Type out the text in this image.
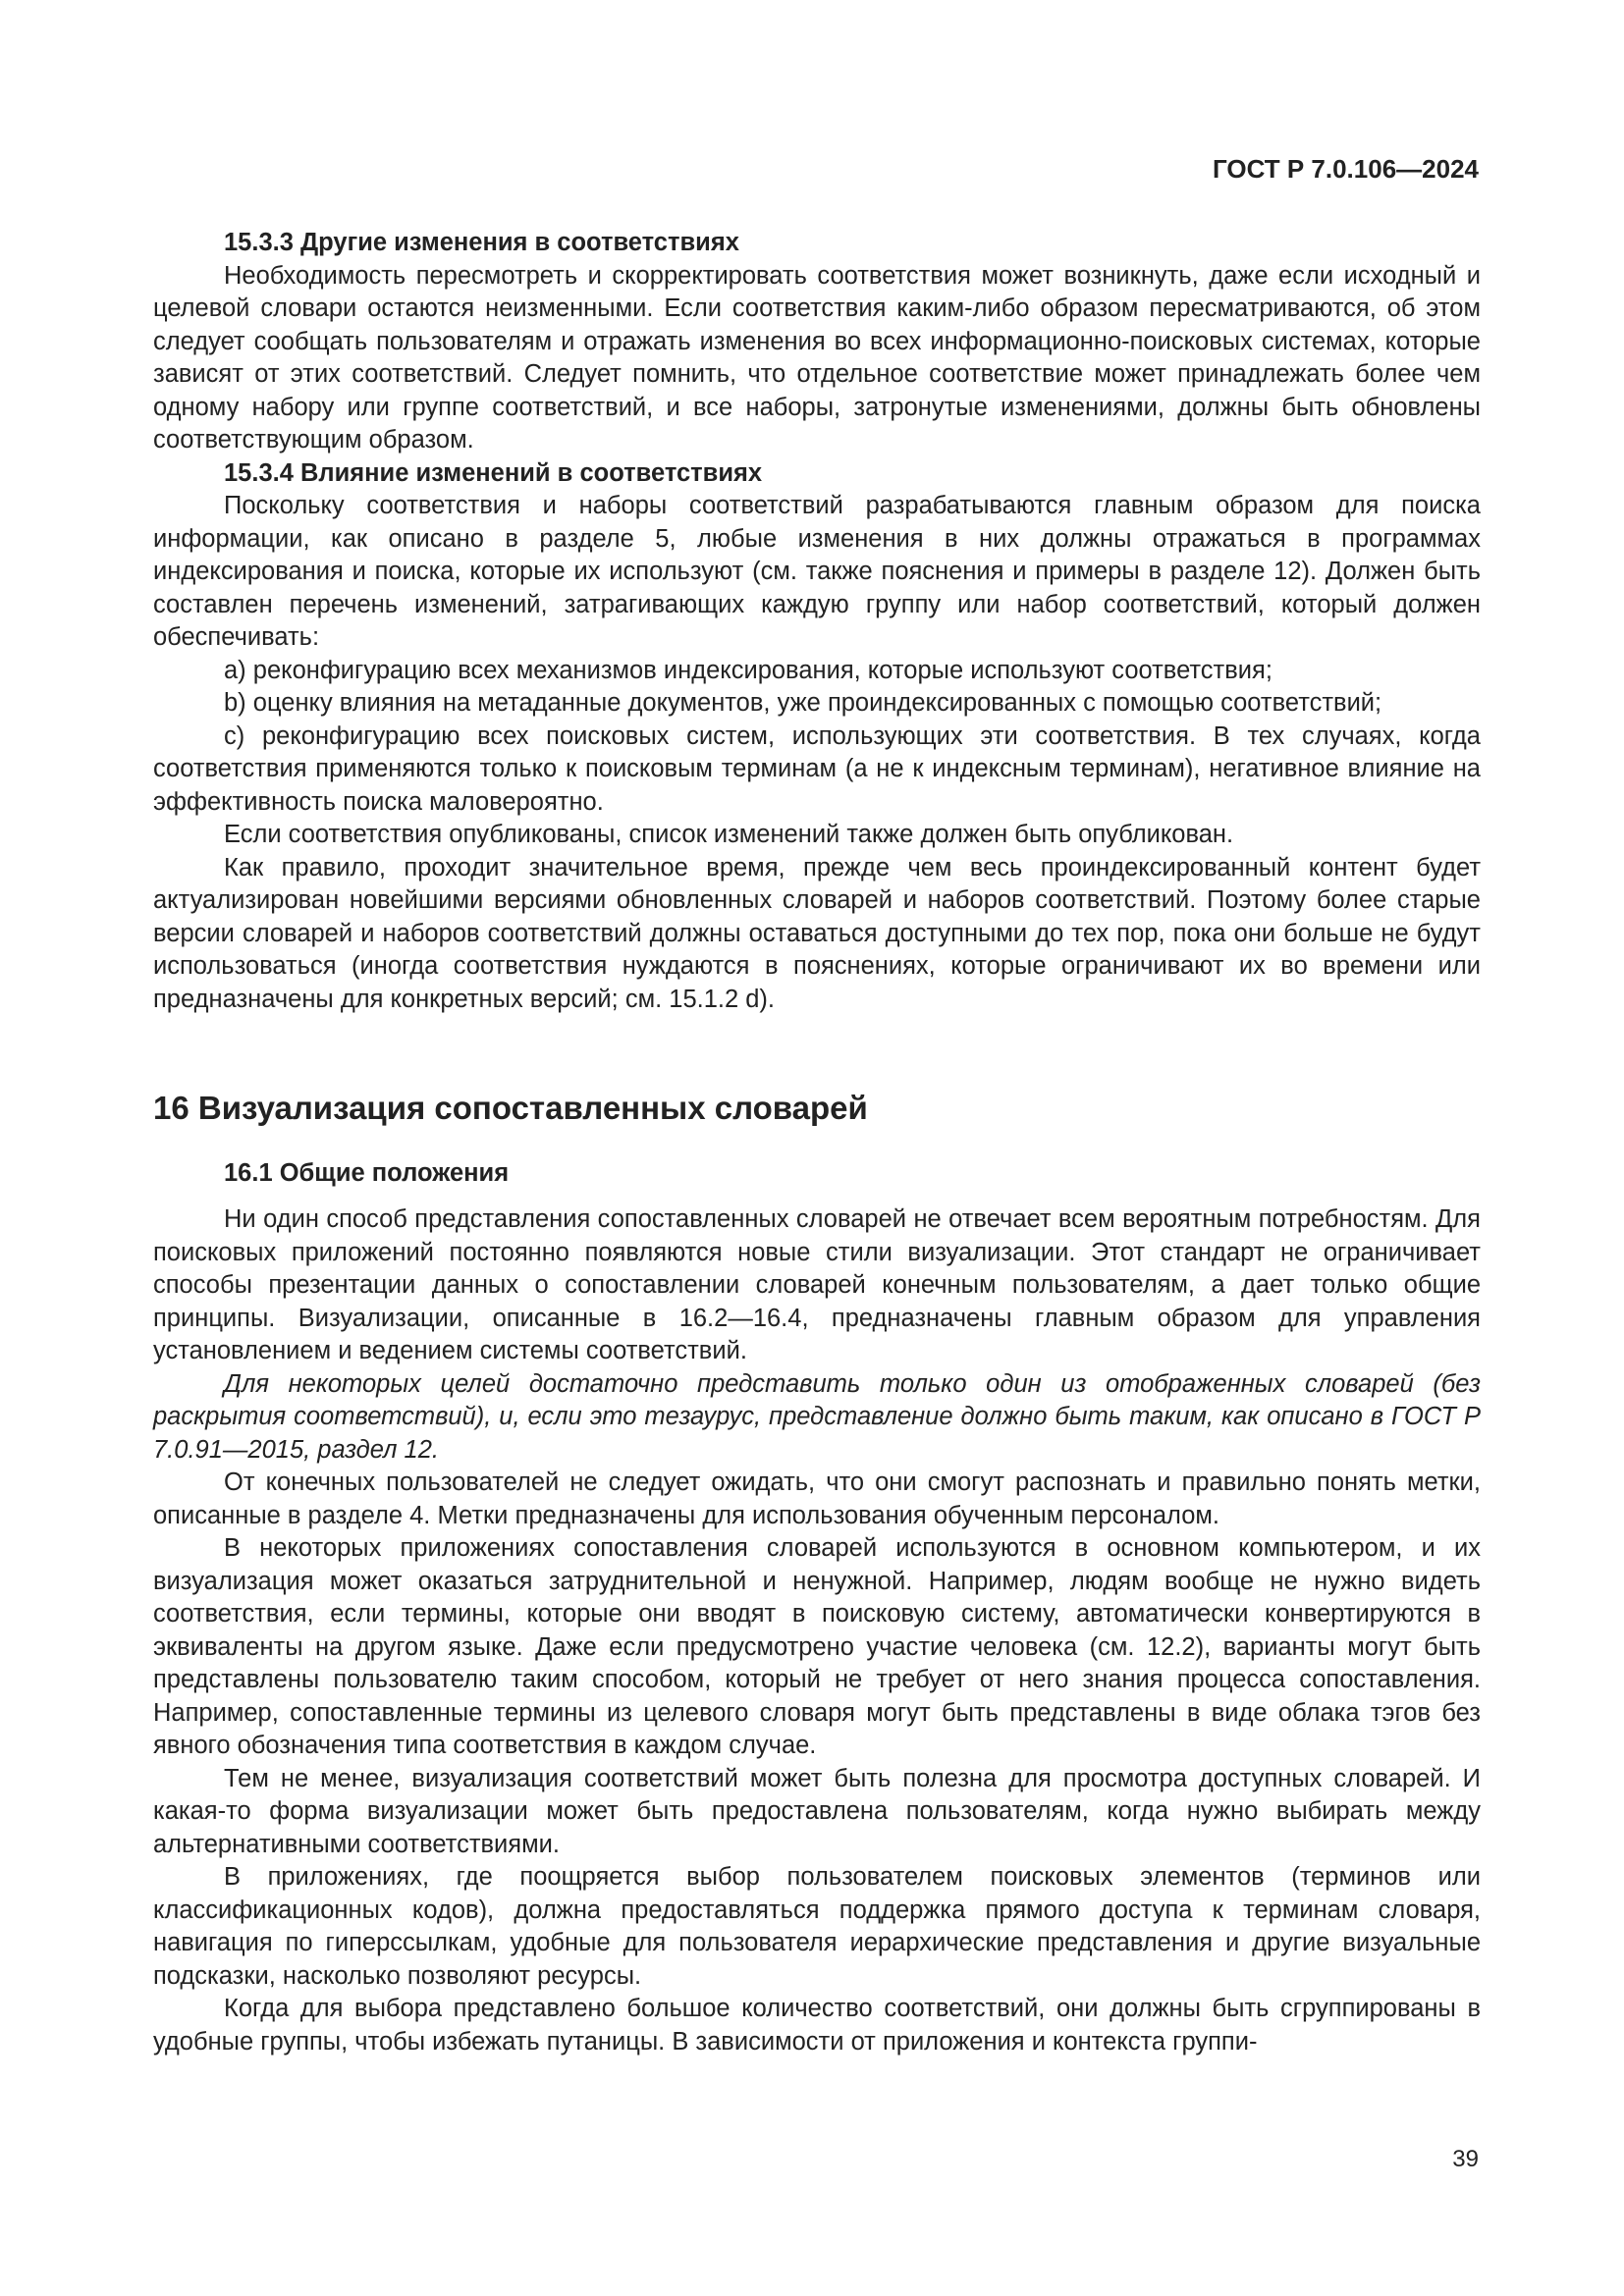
ГОСТ Р 7.0.106—2024

15.3.3 Другие изменения в соответствиях

Необходимость пересмотреть и скорректировать соответствия может возникнуть, даже если исходный и целевой словари остаются неизменными. Если соответствия каким-либо образом пересматриваются, об этом следует сообщать пользователям и отражать изменения во всех информационно-поисковых системах, которые зависят от этих соответствий. Следует помнить, что отдельное соответствие может принадлежать более чем одному набору или группе соответствий, и все наборы, затронутые изменениями, должны быть обновлены соответствующим образом.

15.3.4 Влияние изменений в соответствиях

Поскольку соответствия и наборы соответствий разрабатываются главным образом для поиска информации, как описано в разделе 5, любые изменения в них должны отражаться в программах индексирования и поиска, которые их используют (см. также пояснения и примеры в разделе 12). Должен быть составлен перечень изменений, затрагивающих каждую группу или набор соответствий, который должен обеспечивать:

a) реконфигурацию всех механизмов индексирования, которые используют соответствия;

b) оценку влияния на метаданные документов, уже проиндексированных с помощью соответствий;

c) реконфигурацию всех поисковых систем, использующих эти соответствия. В тех случаях, когда соответствия применяются только к поисковым терминам (а не к индексным терминам), негативное влияние на эффективность поиска маловероятно.

Если соответствия опубликованы, список изменений также должен быть опубликован.

Как правило, проходит значительное время, прежде чем весь проиндексированный контент будет актуализирован новейшими версиями обновленных словарей и наборов соответствий. Поэтому более старые версии словарей и наборов соответствий должны оставаться доступными до тех пор, пока они больше не будут использоваться (иногда соответствия нуждаются в пояснениях, которые ограничивают их во времени или предназначены для конкретных версий; см. 15.1.2 d).

16 Визуализация сопоставленных словарей

16.1 Общие положения

Ни один способ представления сопоставленных словарей не отвечает всем вероятным потребностям. Для поисковых приложений постоянно появляются новые стили визуализации. Этот стандарт не ограничивает способы презентации данных о сопоставлении словарей конечным пользователям, а дает только общие принципы. Визуализации, описанные в 16.2—16.4, предназначены главным образом для управления установлением и ведением системы соответствий.

Для некоторых целей достаточно представить только один из отображенных словарей (без раскрытия соответствий), и, если это тезаурус, представление должно быть таким, как описано в ГОСТ Р 7.0.91—2015, раздел 12.

От конечных пользователей не следует ожидать, что они смогут распознать и правильно понять метки, описанные в разделе 4. Метки предназначены для использования обученным персоналом.

В некоторых приложениях сопоставления словарей используются в основном компьютером, и их визуализация может оказаться затруднительной и ненужной. Например, людям вообще не нужно видеть соответствия, если термины, которые они вводят в поисковую систему, автоматически конвертируются в эквиваленты на другом языке. Даже если предусмотрено участие человека (см. 12.2), варианты могут быть представлены пользователю таким способом, который не требует от него знания процесса сопоставления. Например, сопоставленные термины из целевого словаря могут быть представлены в виде облака тэгов без явного обозначения типа соответствия в каждом случае.

Тем не менее, визуализация соответствий может быть полезна для просмотра доступных словарей. И какая-то форма визуализации может быть предоставлена пользователям, когда нужно выбирать между альтернативными соответствиями.

В приложениях, где поощряется выбор пользователем поисковых элементов (терминов или классификационных кодов), должна предоставляться поддержка прямого доступа к терминам словаря, навигация по гиперссылкам, удобные для пользователя иерархические представления и другие визуальные подсказки, насколько позволяют ресурсы.

Когда для выбора представлено большое количество соответствий, они должны быть сгруппированы в удобные группы, чтобы избежать путаницы. В зависимости от приложения и контекста группи-

39
